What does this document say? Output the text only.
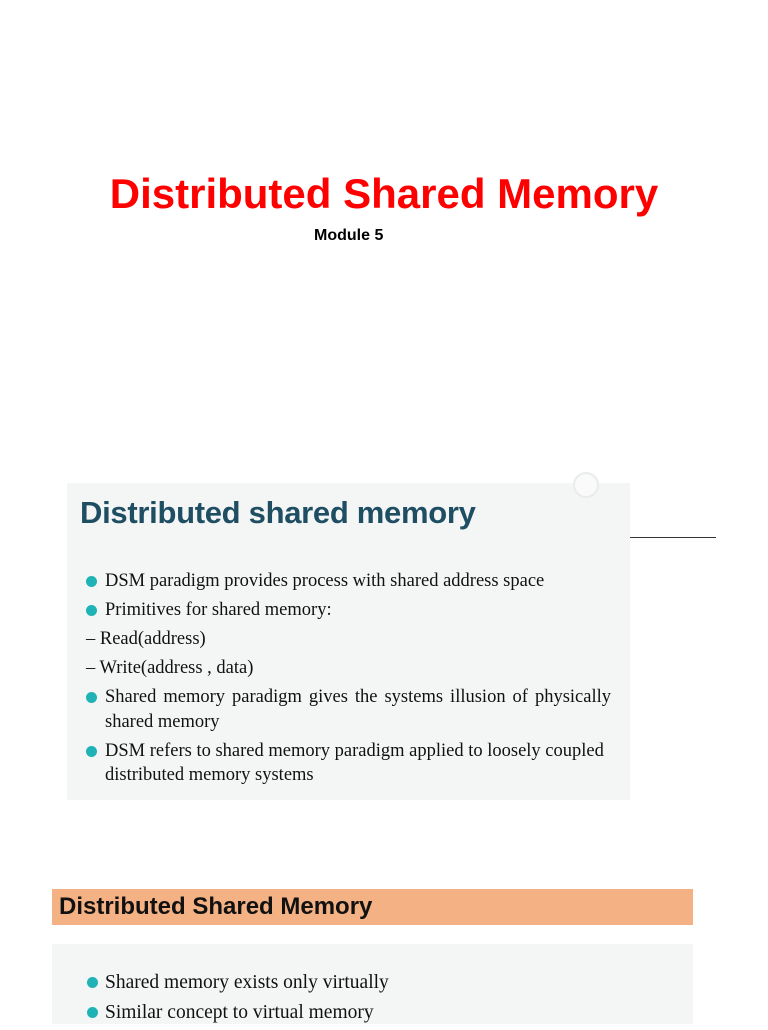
Distributed Shared Memory
Module 5
Distributed shared memory
DSM paradigm provides process with shared address space
Primitives for shared memory:
– Read(address)
– Write(address , data)
Shared memory paradigm gives the systems illusion of physically shared memory
DSM refers to shared memory paradigm applied to loosely coupled distributed memory systems
Distributed Shared Memory
Shared memory exists only virtually
Similar concept to virtual memory
